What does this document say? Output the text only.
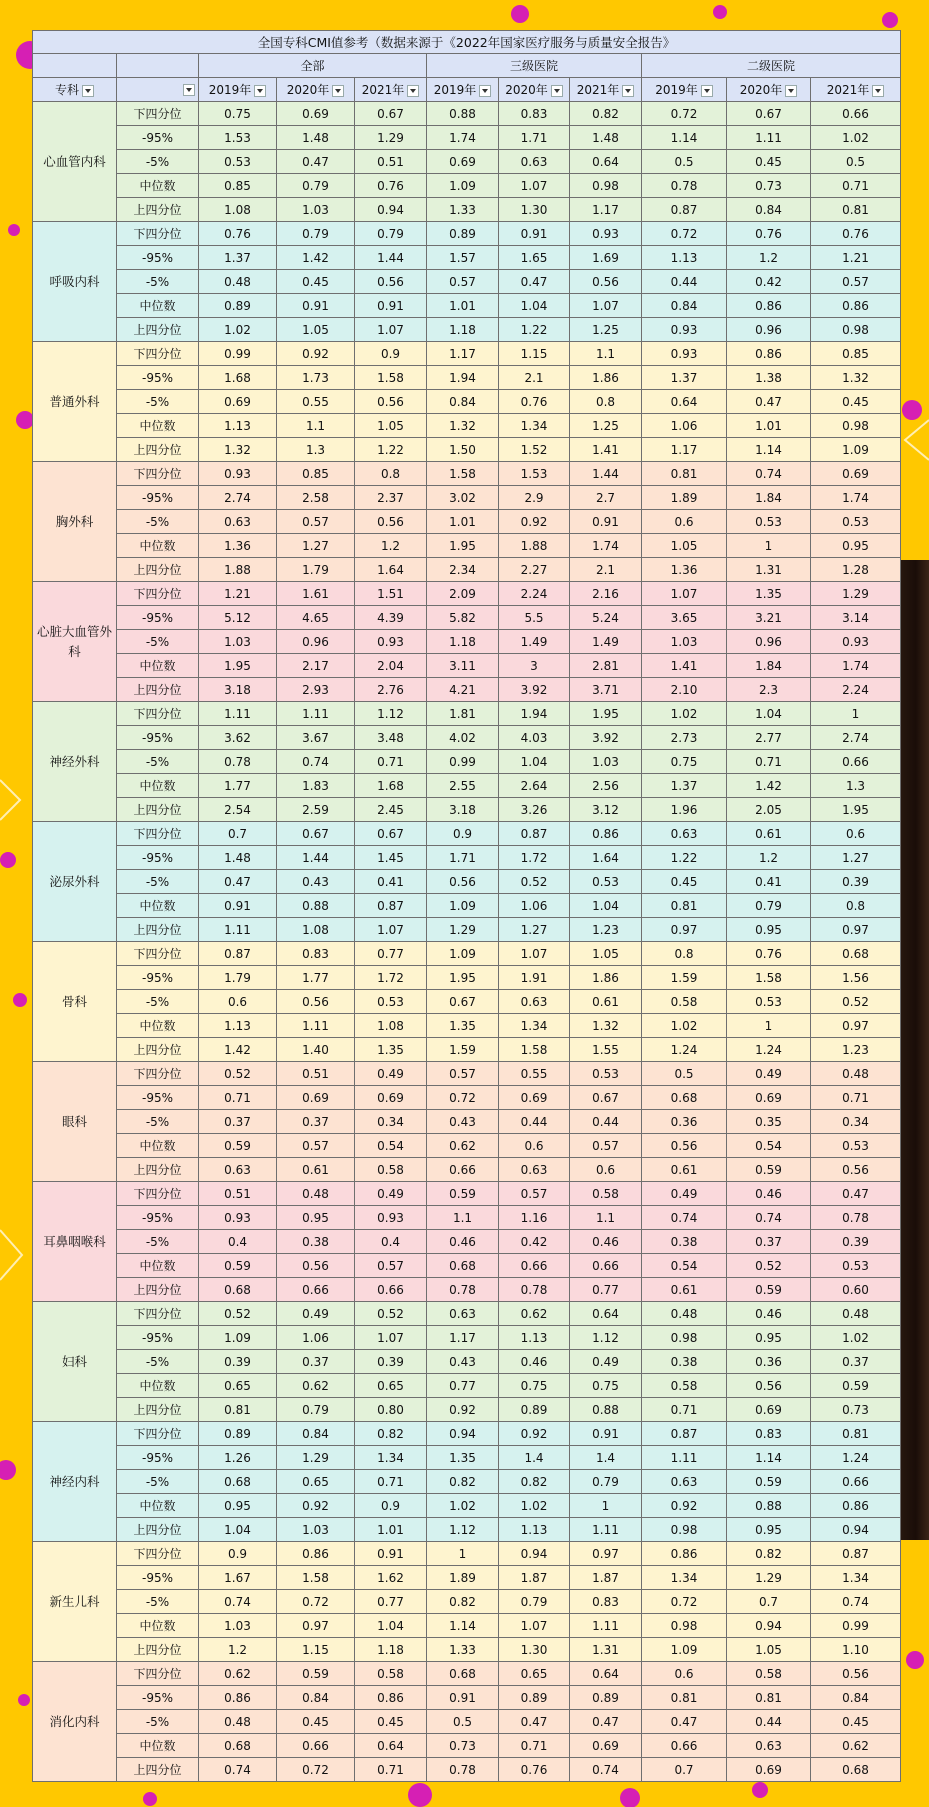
全国专科CMI值参考（数据来源于《2022年国家医疗服务与质量安全报告》										
		全部			三级医院			二级医院		
专科		2019年	2020年	2021年	2019年	2020年	2021年	2019年	2020年	2021年
心血管内科	下四分位	0.75	0.69	0.67	0.88	0.83	0.82	0.72	0.67	0.66
	-95%	1.53	1.48	1.29	1.74	1.71	1.48	1.14	1.11	1.02
	-5%	0.53	0.47	0.51	0.69	0.63	0.64	0.5	0.45	0.5
	中位数	0.85	0.79	0.76	1.09	1.07	0.98	0.78	0.73	0.71
	上四分位	1.08	1.03	0.94	1.33	1.30	1.17	0.87	0.84	0.81
呼吸内科	下四分位	0.76	0.79	0.79	0.89	0.91	0.93	0.72	0.76	0.76
	-95%	1.37	1.42	1.44	1.57	1.65	1.69	1.13	1.2	1.21
	-5%	0.48	0.45	0.56	0.57	0.47	0.56	0.44	0.42	0.57
	中位数	0.89	0.91	0.91	1.01	1.04	1.07	0.84	0.86	0.86
	上四分位	1.02	1.05	1.07	1.18	1.22	1.25	0.93	0.96	0.98
普通外科	下四分位	0.99	0.92	0.9	1.17	1.15	1.1	0.93	0.86	0.85
	-95%	1.68	1.73	1.58	1.94	2.1	1.86	1.37	1.38	1.32
	-5%	0.69	0.55	0.56	0.84	0.76	0.8	0.64	0.47	0.45
	中位数	1.13	1.1	1.05	1.32	1.34	1.25	1.06	1.01	0.98
	上四分位	1.32	1.3	1.22	1.50	1.52	1.41	1.17	1.14	1.09
胸外科	下四分位	0.93	0.85	0.8	1.58	1.53	1.44	0.81	0.74	0.69
	-95%	2.74	2.58	2.37	3.02	2.9	2.7	1.89	1.84	1.74
	-5%	0.63	0.57	0.56	1.01	0.92	0.91	0.6	0.53	0.53
	中位数	1.36	1.27	1.2	1.95	1.88	1.74	1.05	1	0.95
	上四分位	1.88	1.79	1.64	2.34	2.27	2.1	1.36	1.31	1.28
心脏大血管外科	下四分位	1.21	1.61	1.51	2.09	2.24	2.16	1.07	1.35	1.29
	-95%	5.12	4.65	4.39	5.82	5.5	5.24	3.65	3.21	3.14
	-5%	1.03	0.96	0.93	1.18	1.49	1.49	1.03	0.96	0.93
	中位数	1.95	2.17	2.04	3.11	3	2.81	1.41	1.84	1.74
	上四分位	3.18	2.93	2.76	4.21	3.92	3.71	2.10	2.3	2.24
神经外科	下四分位	1.11	1.11	1.12	1.81	1.94	1.95	1.02	1.04	1
	-95%	3.62	3.67	3.48	4.02	4.03	3.92	2.73	2.77	2.74
	-5%	0.78	0.74	0.71	0.99	1.04	1.03	0.75	0.71	0.66
	中位数	1.77	1.83	1.68	2.55	2.64	2.56	1.37	1.42	1.3
	上四分位	2.54	2.59	2.45	3.18	3.26	3.12	1.96	2.05	1.95
泌尿外科	下四分位	0.7	0.67	0.67	0.9	0.87	0.86	0.63	0.61	0.6
	-95%	1.48	1.44	1.45	1.71	1.72	1.64	1.22	1.2	1.27
	-5%	0.47	0.43	0.41	0.56	0.52	0.53	0.45	0.41	0.39
	中位数	0.91	0.88	0.87	1.09	1.06	1.04	0.81	0.79	0.8
	上四分位	1.11	1.08	1.07	1.29	1.27	1.23	0.97	0.95	0.97
骨科	下四分位	0.87	0.83	0.77	1.09	1.07	1.05	0.8	0.76	0.68
	-95%	1.79	1.77	1.72	1.95	1.91	1.86	1.59	1.58	1.56
	-5%	0.6	0.56	0.53	0.67	0.63	0.61	0.58	0.53	0.52
	中位数	1.13	1.11	1.08	1.35	1.34	1.32	1.02	1	0.97
	上四分位	1.42	1.40	1.35	1.59	1.58	1.55	1.24	1.24	1.23
眼科	下四分位	0.52	0.51	0.49	0.57	0.55	0.53	0.5	0.49	0.48
	-95%	0.71	0.69	0.69	0.72	0.69	0.67	0.68	0.69	0.71
	-5%	0.37	0.37	0.34	0.43	0.44	0.44	0.36	0.35	0.34
	中位数	0.59	0.57	0.54	0.62	0.6	0.57	0.56	0.54	0.53
	上四分位	0.63	0.61	0.58	0.66	0.63	0.6	0.61	0.59	0.56
耳鼻咽喉科	下四分位	0.51	0.48	0.49	0.59	0.57	0.58	0.49	0.46	0.47
	-95%	0.93	0.95	0.93	1.1	1.16	1.1	0.74	0.74	0.78
	-5%	0.4	0.38	0.4	0.46	0.42	0.46	0.38	0.37	0.39
	中位数	0.59	0.56	0.57	0.68	0.66	0.66	0.54	0.52	0.53
	上四分位	0.68	0.66	0.66	0.78	0.78	0.77	0.61	0.59	0.60
妇科	下四分位	0.52	0.49	0.52	0.63	0.62	0.64	0.48	0.46	0.48
	-95%	1.09	1.06	1.07	1.17	1.13	1.12	0.98	0.95	1.02
	-5%	0.39	0.37	0.39	0.43	0.46	0.49	0.38	0.36	0.37
	中位数	0.65	0.62	0.65	0.77	0.75	0.75	0.58	0.56	0.59
	上四分位	0.81	0.79	0.80	0.92	0.89	0.88	0.71	0.69	0.73
神经内科	下四分位	0.89	0.84	0.82	0.94	0.92	0.91	0.87	0.83	0.81
	-95%	1.26	1.29	1.34	1.35	1.4	1.4	1.11	1.14	1.24
	-5%	0.68	0.65	0.71	0.82	0.82	0.79	0.63	0.59	0.66
	中位数	0.95	0.92	0.9	1.02	1.02	1	0.92	0.88	0.86
	上四分位	1.04	1.03	1.01	1.12	1.13	1.11	0.98	0.95	0.94
新生儿科	下四分位	0.9	0.86	0.91	1	0.94	0.97	0.86	0.82	0.87
	-95%	1.67	1.58	1.62	1.89	1.87	1.87	1.34	1.29	1.34
	-5%	0.74	0.72	0.77	0.82	0.79	0.83	0.72	0.7	0.74
	中位数	1.03	0.97	1.04	1.14	1.07	1.11	0.98	0.94	0.99
	上四分位	1.2	1.15	1.18	1.33	1.30	1.31	1.09	1.05	1.10
消化内科	下四分位	0.62	0.59	0.58	0.68	0.65	0.64	0.6	0.58	0.56
	-95%	0.86	0.84	0.86	0.91	0.89	0.89	0.81	0.81	0.84
	-5%	0.48	0.45	0.45	0.5	0.47	0.47	0.47	0.44	0.45
	中位数	0.68	0.66	0.64	0.73	0.71	0.69	0.66	0.63	0.62
	上四分位	0.74	0.72	0.71	0.78	0.76	0.74	0.7	0.69	0.68
